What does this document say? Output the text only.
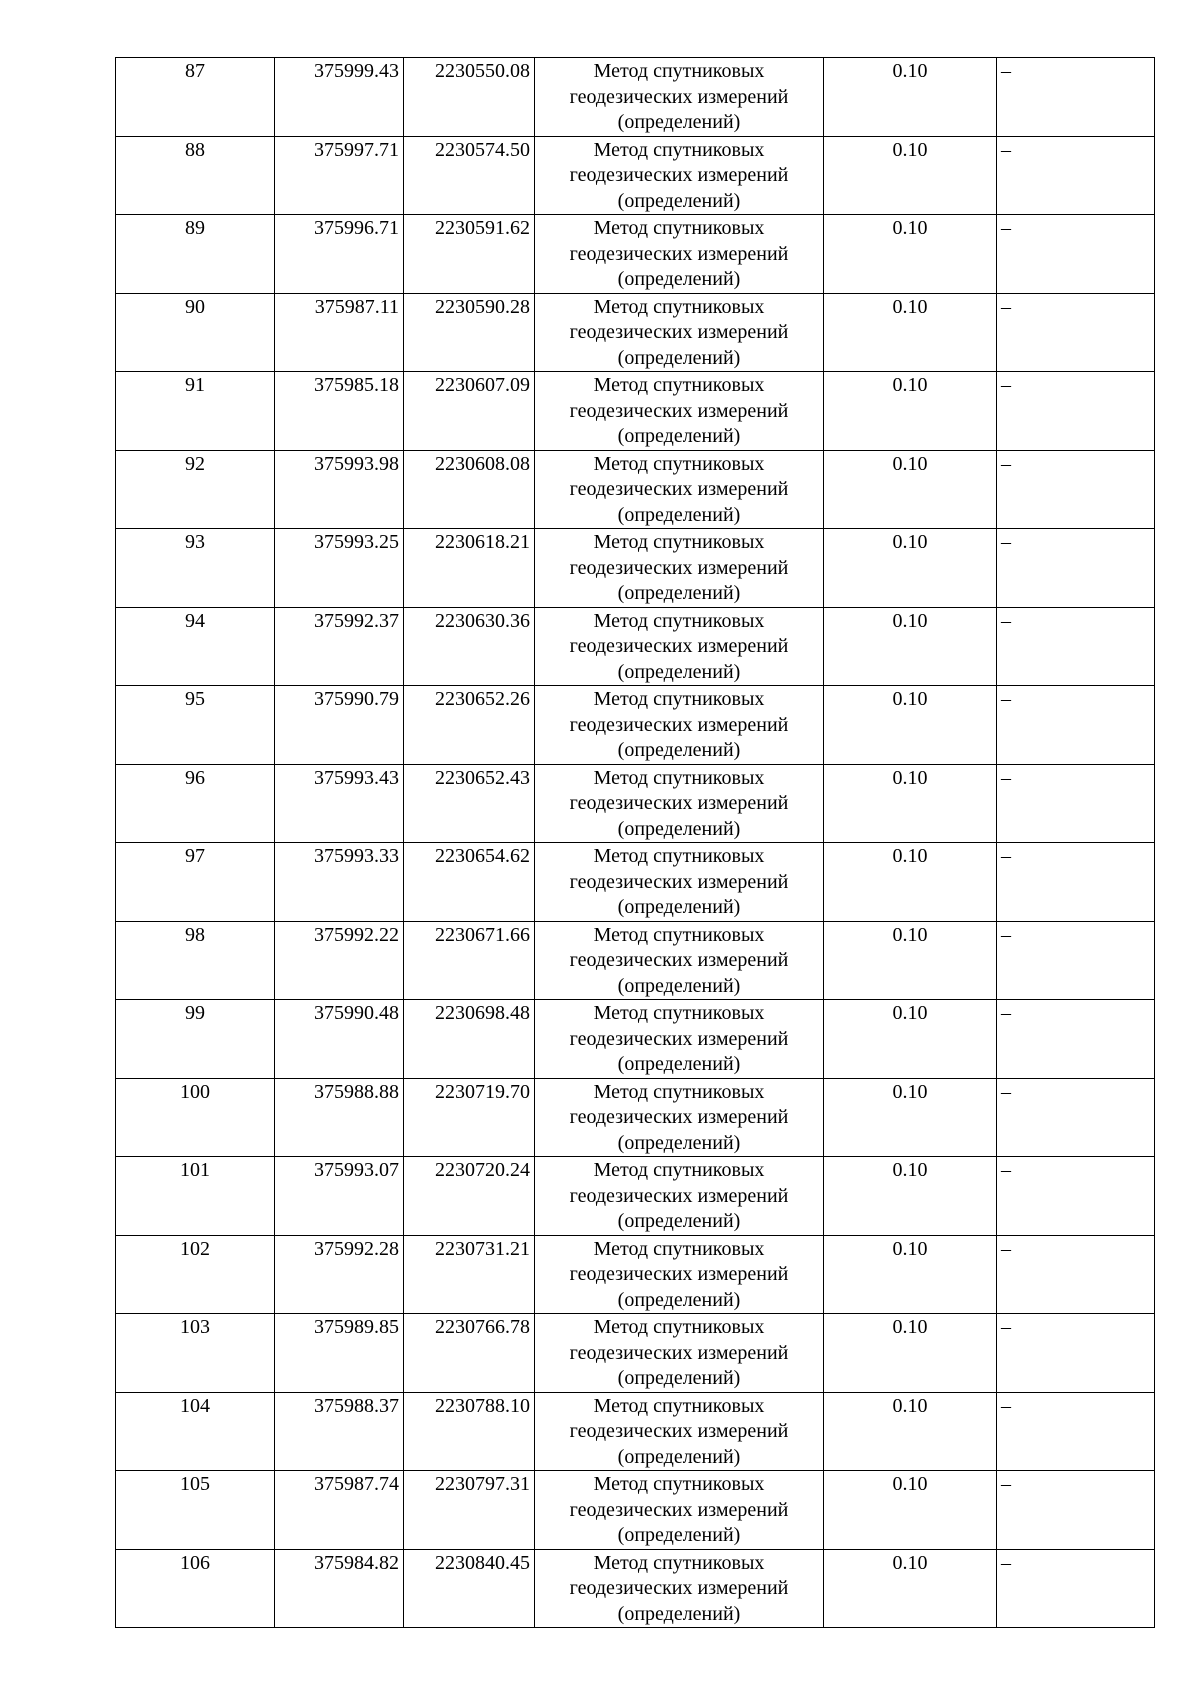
87	375999.43	2230550.08	Метод спутниковых геодезических измерений (определений)	0.10	–
88	375997.71	2230574.50	Метод спутниковых геодезических измерений (определений)	0.10	–
89	375996.71	2230591.62	Метод спутниковых геодезических измерений (определений)	0.10	–
90	375987.11	2230590.28	Метод спутниковых геодезических измерений (определений)	0.10	–
91	375985.18	2230607.09	Метод спутниковых геодезических измерений (определений)	0.10	–
92	375993.98	2230608.08	Метод спутниковых геодезических измерений (определений)	0.10	–
93	375993.25	2230618.21	Метод спутниковых геодезических измерений (определений)	0.10	–
94	375992.37	2230630.36	Метод спутниковых геодезических измерений (определений)	0.10	–
95	375990.79	2230652.26	Метод спутниковых геодезических измерений (определений)	0.10	–
96	375993.43	2230652.43	Метод спутниковых геодезических измерений (определений)	0.10	–
97	375993.33	2230654.62	Метод спутниковых геодезических измерений (определений)	0.10	–
98	375992.22	2230671.66	Метод спутниковых геодезических измерений (определений)	0.10	–
99	375990.48	2230698.48	Метод спутниковых геодезических измерений (определений)	0.10	–
100	375988.88	2230719.70	Метод спутниковых геодезических измерений (определений)	0.10	–
101	375993.07	2230720.24	Метод спутниковых геодезических измерений (определений)	0.10	–
102	375992.28	2230731.21	Метод спутниковых геодезических измерений (определений)	0.10	–
103	375989.85	2230766.78	Метод спутниковых геодезических измерений (определений)	0.10	–
104	375988.37	2230788.10	Метод спутниковых геодезических измерений (определений)	0.10	–
105	375987.74	2230797.31	Метод спутниковых геодезических измерений (определений)	0.10	–
106	375984.82	2230840.45	Метод спутниковых геодезических измерений (определений)	0.10	–
